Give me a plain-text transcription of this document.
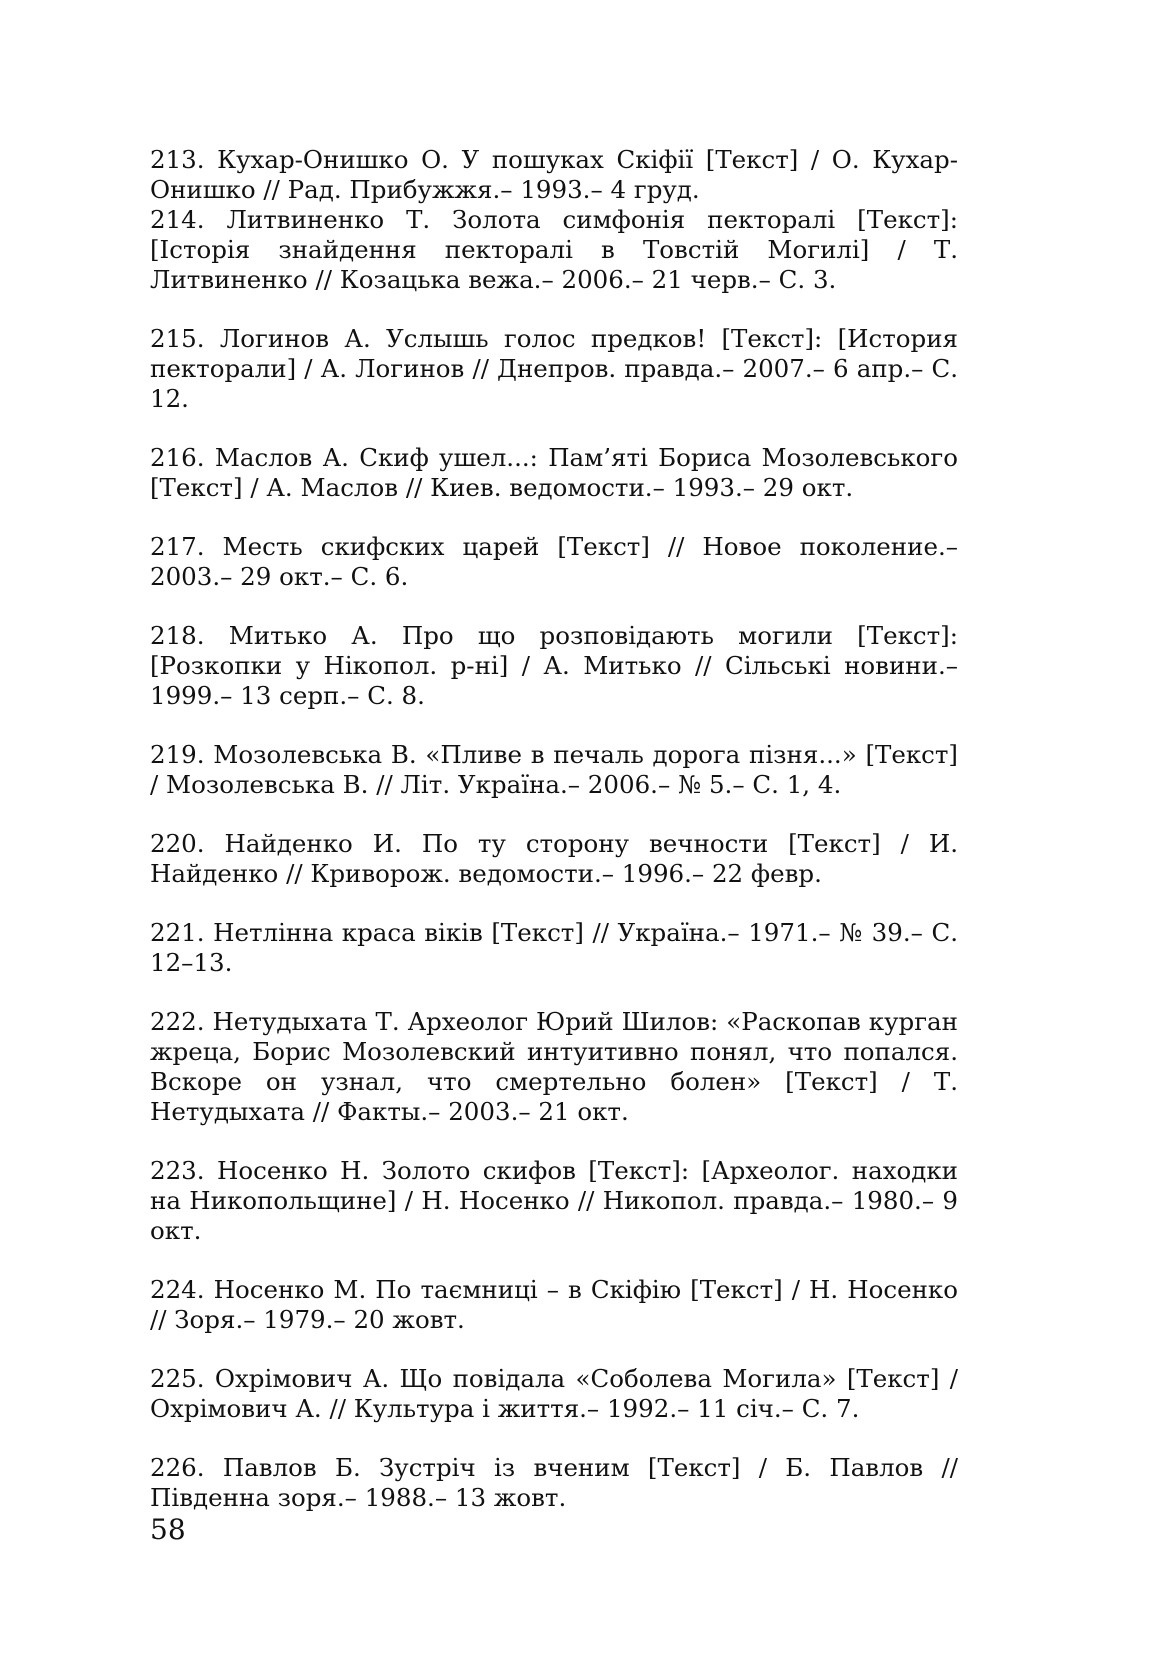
213. Кухар-Онишко О. У пошуках Скіфії [Текст] / О. Кухар-Онишко // Рад. Прибужжя.– 1993.– 4 груд.

214. Литвиненко Т. Золота симфонія пекторалі [Текст]: [Історія знайдення пекторалі в Товстій Могилі] / Т. Литвиненко // Козацька вежа.– 2006.– 21 черв.– С. 3.

215. Логинов А. Услышь голос предков! [Текст]: [История пекторали] / А. Логинов // Днепров. правда.– 2007.– 6 апр.– С. 12.

216. Маслов А. Скиф ушел...: Пам’яті Бориса Мозолевського [Текст] / А. Маслов // Киев. ведомости.– 1993.– 29 окт.

217. Месть скифских царей [Текст] // Новое поколение.– 2003.– 29 окт.– С. 6.

218. Митько А. Про що розповідають могили [Текст]: [Розкопки у Нікопол. р-ні] / А. Митько // Сільські новини.– 1999.– 13 серп.– С. 8.

219. Мозолевська В. «Пливе в печаль дорога пізня...» [Текст] / Мозолевська В. // Літ. Україна.– 2006.– № 5.– С. 1, 4.

220. Найденко И. По ту сторону вечности [Текст] / И. Найденко // Криворож. ведомости.– 1996.– 22 февр.

221. Нетлінна краса віків [Текст] // Україна.– 1971.– № 39.– С. 12–13.

222. Нетудыхата Т. Археолог Юрий Шилов: «Раскопав курган жреца, Борис Мозолевский интуитивно понял, что попался. Вскоре он узнал, что смертельно болен» [Текст] / Т. Нетудыхата // Факты.– 2003.– 21 окт.

223. Носенко Н. Золото скифов [Текст]: [Археолог. находки на Никопольщине] / Н. Носенко // Никопол. правда.– 1980.– 9 окт.

224. Носенко М. По таємниці – в Скіфію [Текст] / Н. Носенко // Зоря.– 1979.– 20 жовт.

225. Охрімович А. Що повідала «Соболева Могила» [Текст] / Охрімович А. // Культура і життя.– 1992.– 11 січ.– С. 7.

226. Павлов Б. Зустріч із вченим [Текст] / Б. Павлов // Південна зоря.– 1988.– 13 жовт.

58
